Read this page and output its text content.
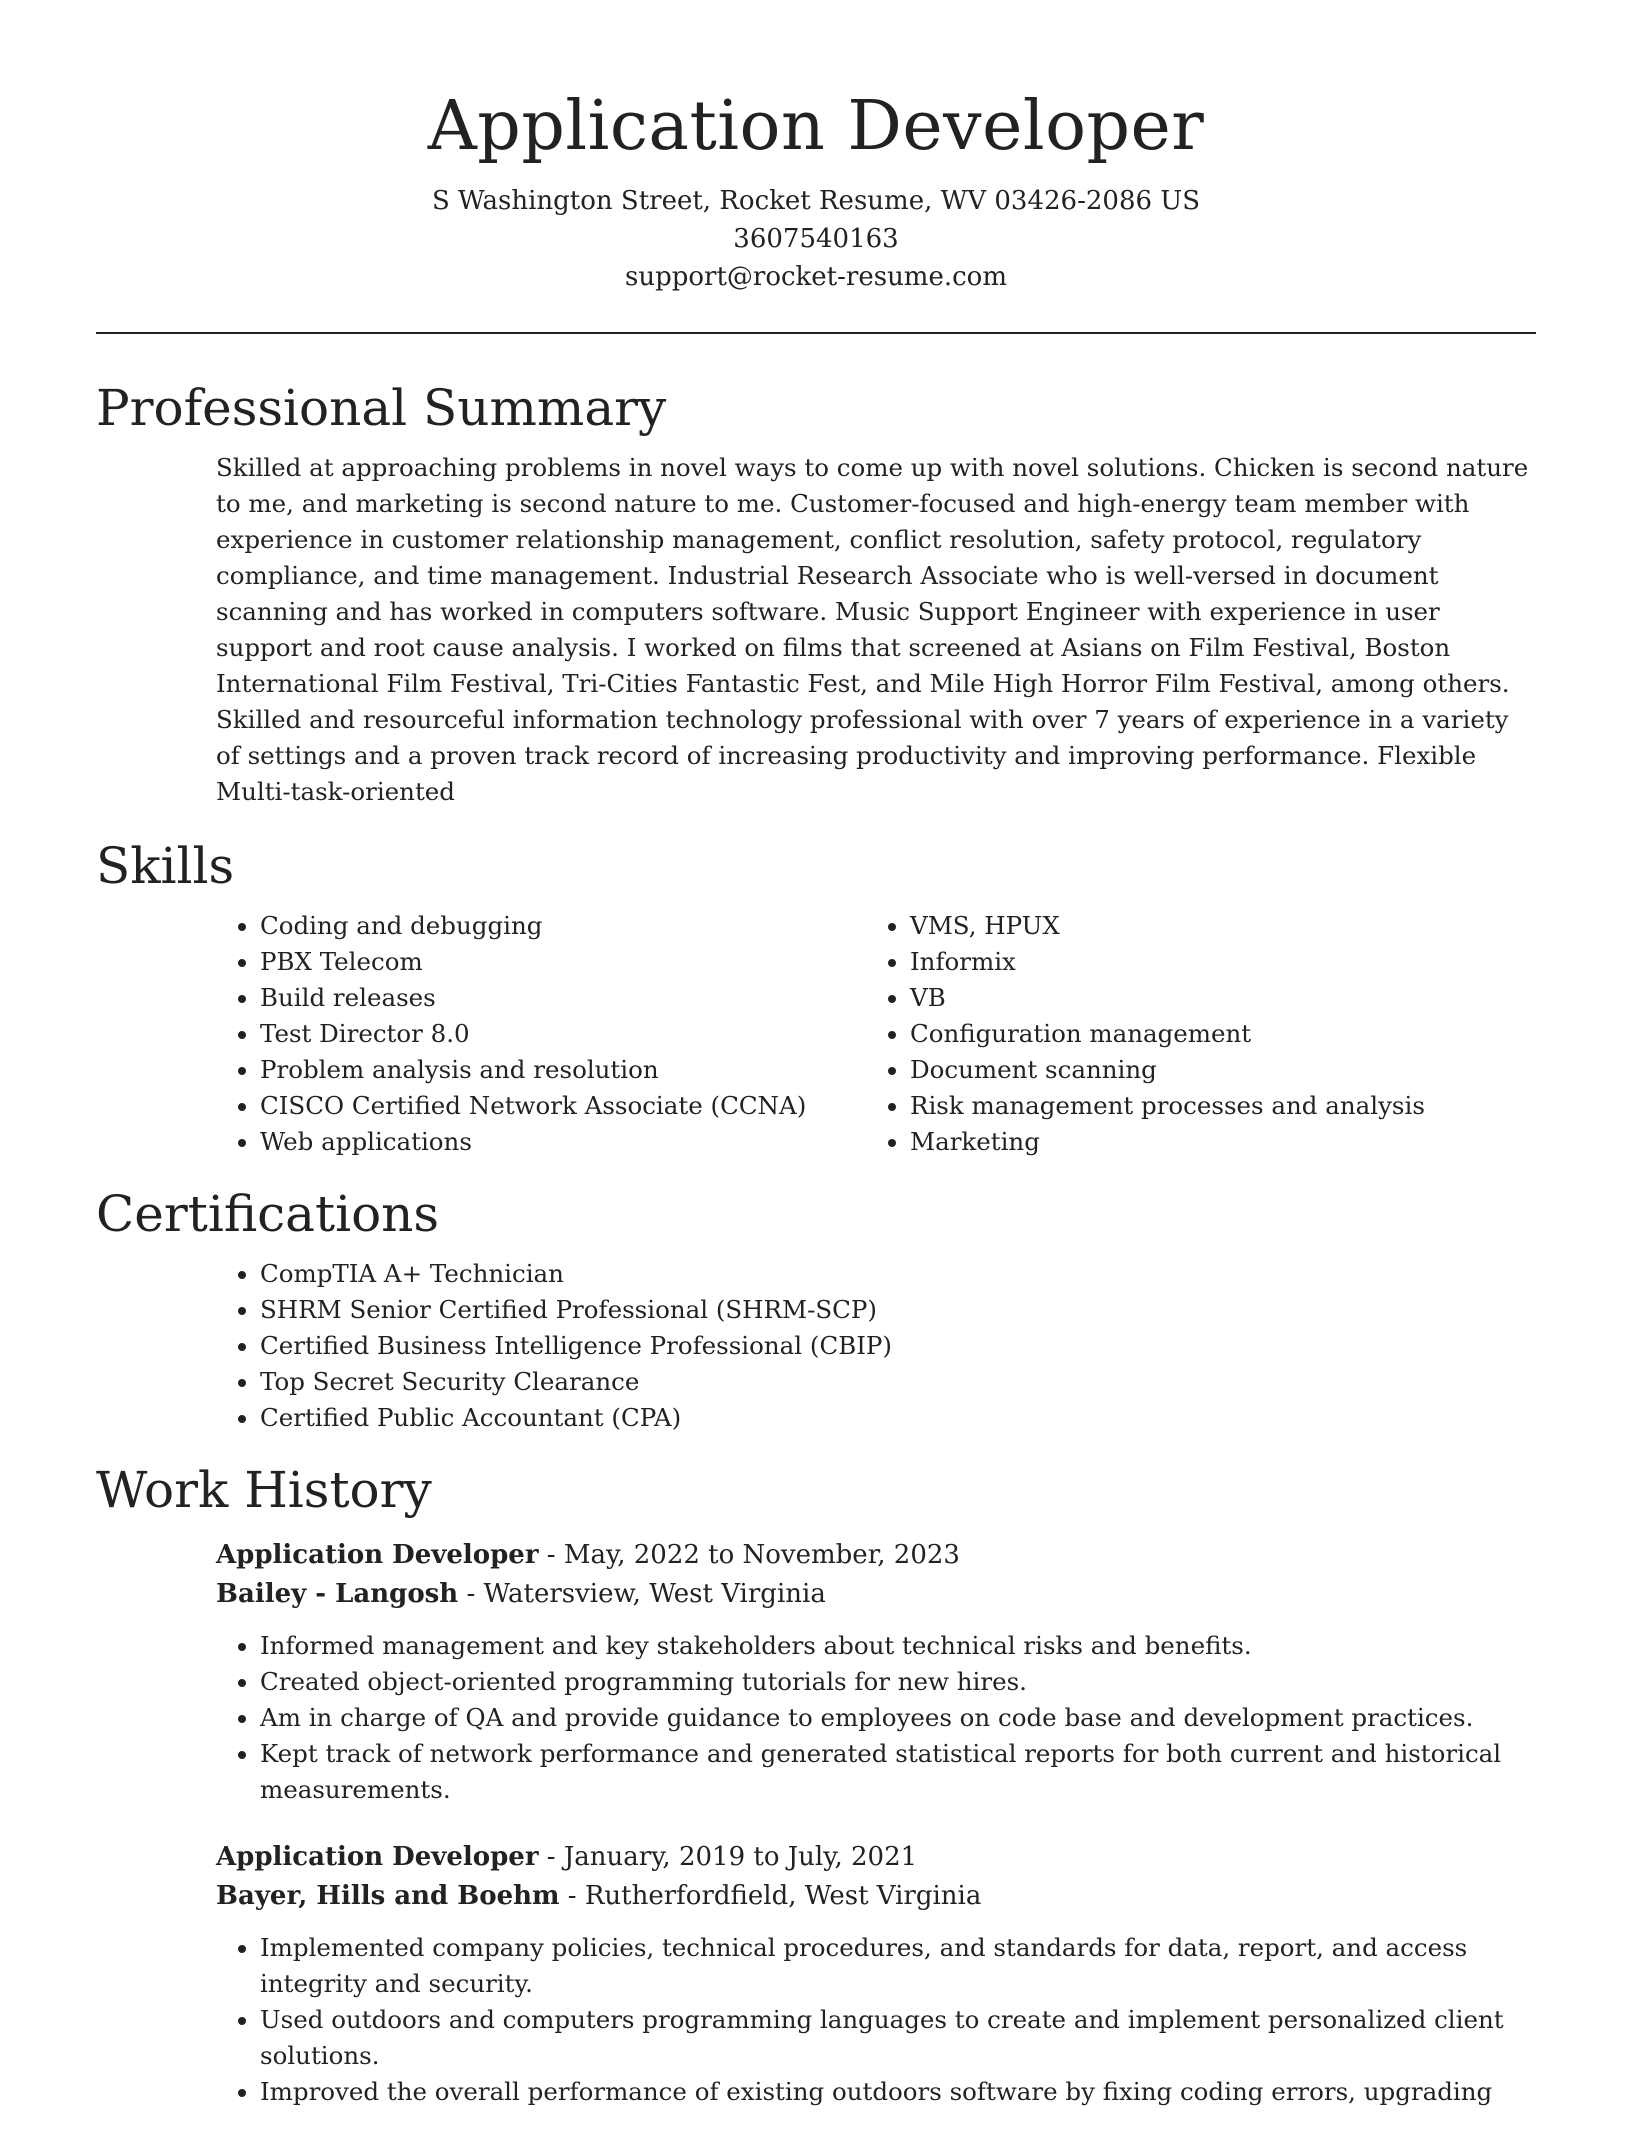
Application Developer

S Washington Street, Rocket Resume, WV 03426-2086 US

3607540163

support@rocket-resume.com

Professional Summary

Skilled at approaching problems in novel ways to come up with novel solutions. Chicken is second nature to me, and marketing is second nature to me. Customer-focused and high-energy team member with experience in customer relationship management, conflict resolution, safety protocol, regulatory compliance, and time management. Industrial Research Associate who is well-versed in document scanning and has worked in computers software. Music Support Engineer with experience in user support and root cause analysis. I worked on films that screened at Asians on Film Festival, Boston International Film Festival, Tri-Cities Fantastic Fest, and Mile High Horror Film Festival, among others. Skilled and resourceful information technology professional with over 7 years of experience in a variety of settings and a proven track record of increasing productivity and improving performance. Flexible Multi-task-oriented

Skills
• Coding and debugging
• PBX Telecom
• Build releases
• Test Director 8.0
• Problem analysis and resolution
• CISCO Certified Network Associate (CCNA)
• Web applications
• VMS, HPUX
• Informix
• VB
• Configuration management
• Document scanning
• Risk management processes and analysis
• Marketing
Certifications
• CompTIA A+ Technician
• SHRM Senior Certified Professional (SHRM-SCP)
• Certified Business Intelligence Professional (CBIP)
• Top Secret Security Clearance
• Certified Public Accountant (CPA)
Work History

Application Developer - May, 2022 to November, 2023

Bailey - Langosh - Watersview, West Virginia

• Informed management and key stakeholders about technical risks and benefits.
• Created object-oriented programming tutorials for new hires.
• Am in charge of QA and provide guidance to employees on code base and development practices.
• Kept track of network performance and generated statistical reports for both current and historical measurements.

Application Developer - January, 2019 to July, 2021

Bayer, Hills and Boehm - Rutherfordfield, West Virginia

• Implemented company policies, technical procedures, and standards for data, report, and access integrity and security.
• Used outdoors and computers programming languages to create and implement personalized client solutions.
• Improved the overall performance of existing outdoors software by fixing coding errors, upgrading
